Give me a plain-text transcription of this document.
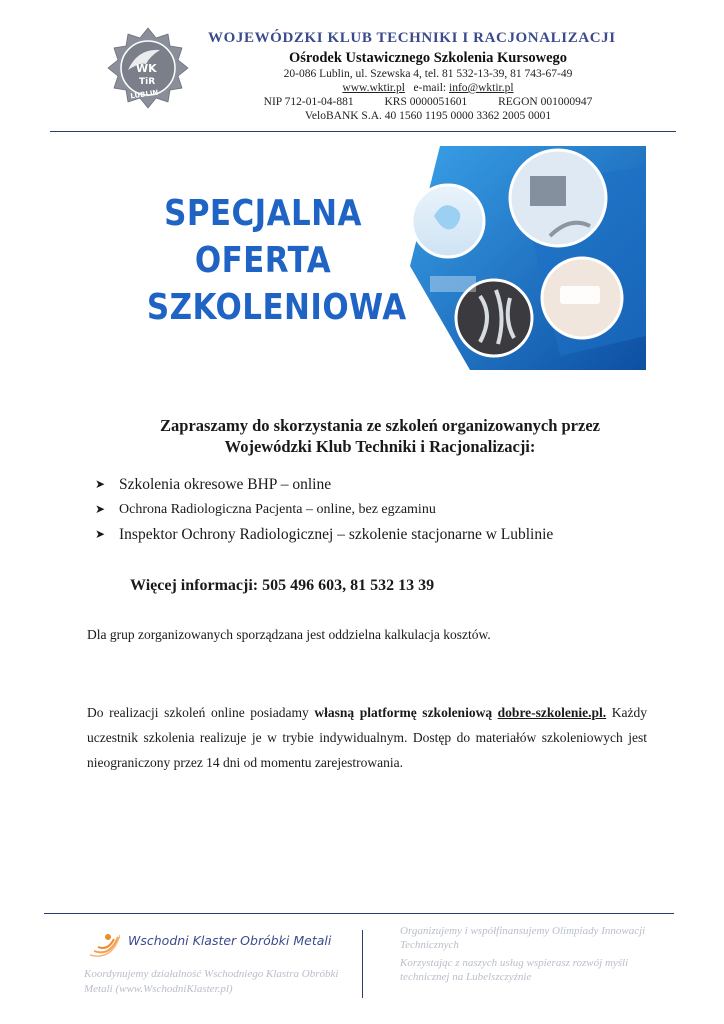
WK
TiR
LUBLIN
WOJEWÓDZKI KLUB TECHNIKI I RACJONALIZACJI
Ośrodek Ustawicznego Szkolenia Kursowego
20-086 Lublin, ul. Szewska 4, tel. 81 532-13-39, 81 743-67-49
www.wktir.pl e-mail: info@wktir.pl
NIP 712-01-04-881	KRS 0000051601	REGON 001000947
VeloBANK S.A. 40 1560 1195 0000 3362 2005 0001
SPECJALNA
OFERTA
SZKOLENIOWA
Zapraszamy do skorzystania ze szkoleń organizowanych przez
Wojewódzki Klub Techniki i Racjonalizacji:
➤ Szkolenia okresowe BHP – online
➤ Ochrona Radiologiczna Pacjenta – online, bez egzaminu
➤ Inspektor Ochrony Radiologicznej – szkolenie stacjonarne w Lublinie
Więcej informacji: 505 496 603, 81 532 13 39
Dla grup zorganizowanych sporządzana jest oddzielna kalkulacja kosztów.
Do realizacji szkoleń online posiadamy własną platformę szkoleniową dobre-szkolenie.pl. Każdy uczestnik szkolenia realizuje je w trybie indywidualnym. Dostęp do materiałów szkoleniowych jest nieograniczony przez 14 dni od momentu zarejestrowania.
Wschodni Klaster Obróbki Metali
Koordynujemy działalność Wschodniego Klastra Obróbki Metali (www.WschodniKlaster.pl)
Organizujemy i współfinansujemy Olimpiady Innowacji Technicznych
Korzystając z naszych usług wspierasz rozwój myśli technicznej na Lubelszczyźnie
